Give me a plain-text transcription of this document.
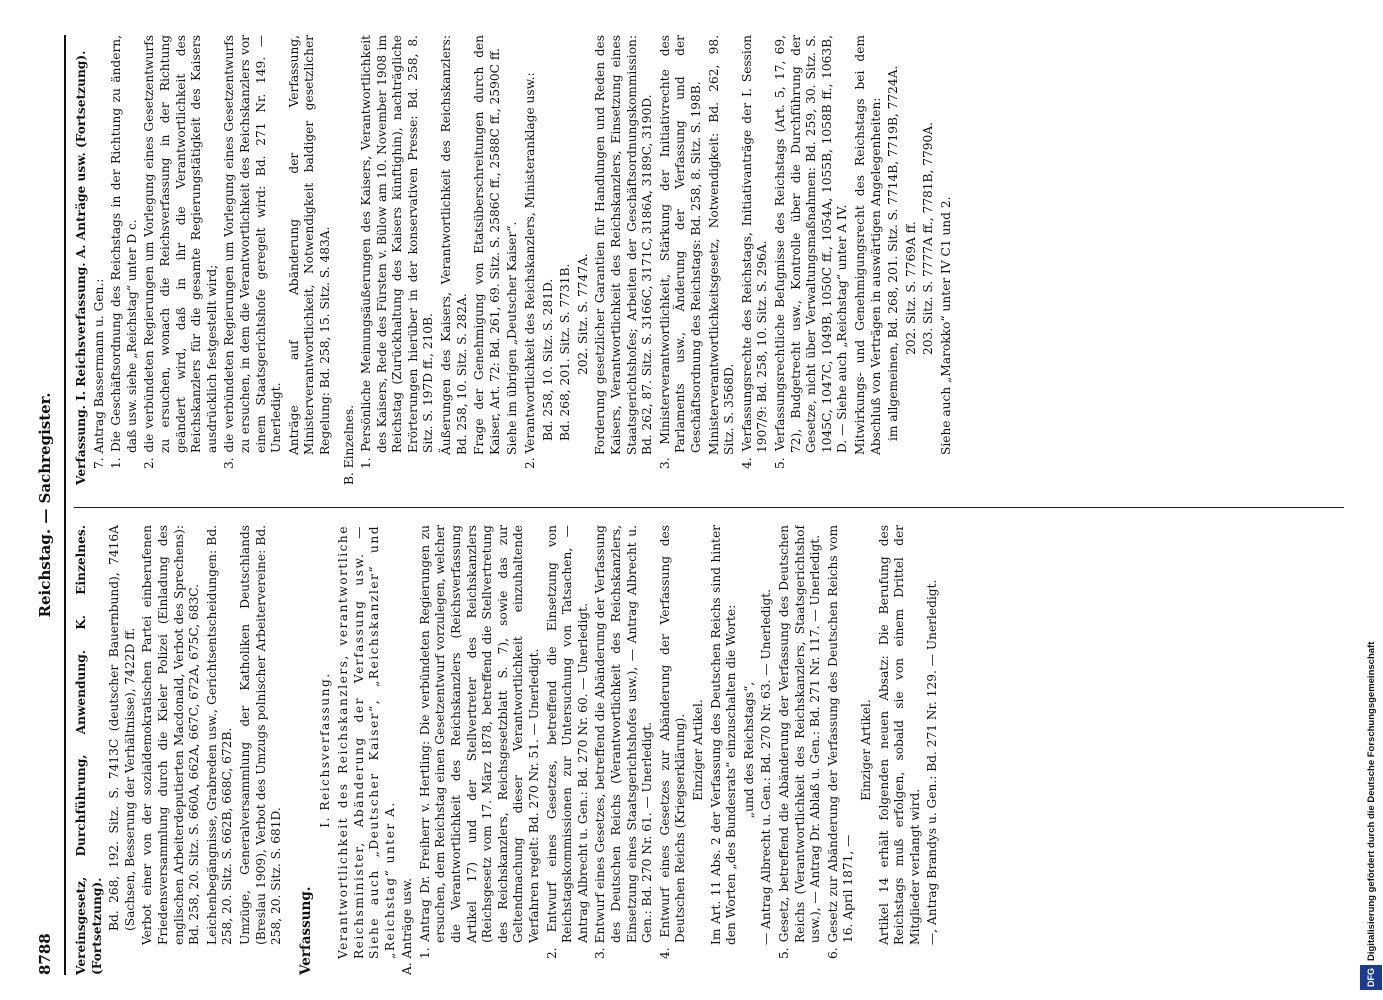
8788
Reichstag. — Sachregister.

Vereinsgesetz, Durchführung, Anwendung. K. Einzelnes. (Fortsetzung). Bd. 268, 192. Sitz. S. 7413C (deutscher Bauernbund), 7416A (Sachsen, Besserung der Verhältnisse), 7422D ff. Verbot einer von der sozialdemokratischen Partei einberufenen Friedensversammlung durch die Kieler Polizei (Einladung des englischen Arbeiterdeputierten Macdonald, Verbot des Sprechens): Bd. 258, 20. Sitz. S. 660A, 662A, 667C, 672A, 675C, 683C. Leichenbegängnisse, Grabreden usw., Gerichtsentscheidungen: Bd. 258, 20. Sitz. S. 662B, 668C, 672B. Umzüge, Generalversammlung der Katholiken Deutschlands (Breslau 1909), Verbot des Umzugs polnischer Arbeitervereine: Bd. 258, 20. Sitz. S. 681D. Verfassung.

I. Reichsverfassung. Verantwortlichkeit des Reichskanzlers, verantwortliche Reichsminister, Abänderung der Verfassung usw. — Siehe auch „Deutscher Kaiser“, „Reichskanzler“ und „Reichstag“ unter A. A. Anträge usw. 1. Antrag Dr. Freiherr v. Hertling: Die verbündeten Regierungen zu ersuchen, dem Reichstag einen Gesetzentwurf vorzulegen, welcher die Verantwortlichkeit des Reichskanzlers (Reichsverfassung Artikel 17) und der Stellvertreter des Reichskanzlers (Reichsgesetz vom 17. März 1878, betreffend die Stellvertretung des Reichskanzlers, Reichsgesetzblatt S. 7), sowie das zur Geltendmachung dieser Verantwortlichkeit einzuhaltende Verfahren regelt: Bd. 270 Nr. 51. — Unerledigt. 2. Entwurf eines Gesetzes, betreffend die Einsetzung von Reichstagskommissionen zur Untersuchung von Tatsachen, — Antrag Albrecht u. Gen.: Bd. 270 Nr. 60. — Unerledigt. 3. Entwurf eines Gesetzes, betreffend die Abänderung der Verfassung des Deutschen Reichs (Verantwortlichkeit des Reichskanzlers, Einsetzung eines Staatsgerichtshofes usw.), — Antrag Albrecht u. Gen.: Bd. 270 Nr. 61. — Unerledigt. 4. Entwurf eines Gesetzes zur Abänderung der Verfassung des Deutschen Reichs (Kriegserklärung). Einziger Artikel. Im Art. 11 Abs. 2 der Verfassung des Deutschen Reichs sind hinter den Worten „des Bundesrats“ einzuschalten die Worte: „und des Reichstags“, — Antrag Albrecht u. Gen.: Bd. 270 Nr. 63. — Unerledigt. 5. Gesetz, betreffend die Abänderung der Verfassung des Deutschen Reichs (Verantwortlichkeit des Reichskanzlers, Staatsgerichtshof usw.), — Antrag Dr. Ablaß u. Gen.: Bd. 271 Nr. 117. — Unerledigt. 6. Gesetz zur Abänderung der Verfassung des Deutschen Reichs vom 16. April 1871, —

Einziger Artikel. Artikel 14 erhält folgenden neuen Absatz: Die Berufung des Reichstags muß erfolgen, sobald sie von einem Drittel der Mitglieder verlangt wird. —, Antrag Brandys u. Gen.: Bd. 271 Nr. 129. — Unerledigt.

Verfassung. I. Reichsverfassung. A. Anträge usw. (Fortsetzung). 7. Antrag Bassermann u. Gen.: 1. Die Geschäftsordnung des Reichstags in der Richtung zu ändern, daß usw. siehe „Reichstag“ unter D c. 2. die verbündeten Regierungen um Vorlegung eines Gesetzentwurfs zu ersuchen, wonach die Reichsverfassung in der Richtung geändert wird, daß in ihr die Verantwortlichkeit des Reichskanzlers für die gesamte Regierungstätigkeit des Kaisers ausdrücklich festgestellt wird; 3. die verbündeten Regierungen um Vorlegung eines Gesetzentwurfs zu ersuchen, in dem die Verantwortlichkeit des Reichskanzlers vor einem Staatsgerichtshofe geregelt wird: Bd. 271 Nr. 149. — Unerledigt. Anträge auf Abänderung der Verfassung, Ministerverantwortlichkeit, Notwendigkeit baldiger gesetzlicher Regelung: Bd. 258, 15. Sitz. S. 483A. B. Einzelnes. 1. Persönliche Meinungsäußerungen des Kaisers, Verantwortlichkeit des Kaisers, Rede des Fürsten v. Bülow am 10. November 1908 im Reichstag (Zurückhaltung des Kaisers künftighin), nachträgliche Erörterungen hierüber in der konservativen Presse: Bd. 258, 8. Sitz. S. 197D ff., 210B. Äußerungen des Kaisers, Verantwortlichkeit des Reichskanzlers: Bd. 258, 10. Sitz. S. 282A. Frage der Genehmigung von Etatsüberschreitungen durch den Kaiser, Art. 72: Bd. 261, 69. Sitz. S. 2586C ff., 2588C ff., 2590C ff. Siehe im übrigen „Deutscher Kaiser“. 2. Verantwortlichkeit des Reichskanzlers, Ministeranklage usw.: Bd. 258, 10. Sitz. S. 281D. Bd. 268, 201. Sitz. S. 7731B. 202. Sitz. S. 7747A. Forderung gesetzlicher Garantien für Handlungen und Reden des Kaisers, Verantwortlichkeit des Reichskanzlers, Einsetzung eines Staatsgerichtshofes; Arbeiten der Geschäftsordnungskommission: Bd. 262, 87. Sitz. S. 3166C, 3171C, 3186A, 3189C, 3190D. 3. Ministerverantwortlichkeit, Stärkung der Initiativrechte des Parlaments usw., Änderung der Verfassung und der Geschäftsordnung des Reichstags: Bd. 258, 8. Sitz. S. 198B. Ministerverantwortlichkeitsgesetz, Notwendigkeit: Bd. 262, 98. Sitz. S. 3568D. 4. Verfassungsrechte des Reichstags, Initiativanträge der I. Session 1907/9: Bd. 258, 10. Sitz. S. 296A. 5. Verfassungsrechtliche Befugnisse des Reichstags (Art. 5, 17, 69, 72), Budgetrecht usw., Kontrolle über die Durchführung der Gesetze, nicht über Verwaltungsmaßnahmen: Bd. 259, 30. Sitz. S. 1045C, 1047C, 1049B, 1050C ff., 1054A, 1055B, 1058B ff., 1063B, D. — Siehe auch „Reichstag“ unter A IV. Mitwirkungs- und Genehmigungsrecht des Reichstags bei dem Abschluß von Verträgen in auswärtigen Angelegenheiten: im allgemeinen, Bd. 268, 201. Sitz. S. 7714B, 7719B, 7724A. 202. Sitz. S. 7769A ff. 203. Sitz. S. 7777A ff., 7781B, 7790A. Siehe auch „Marokko“ unter IV C1 und 2.

DFGDigitalisierung gefördert durch die Deutsche Forschungsgemeinschaft
